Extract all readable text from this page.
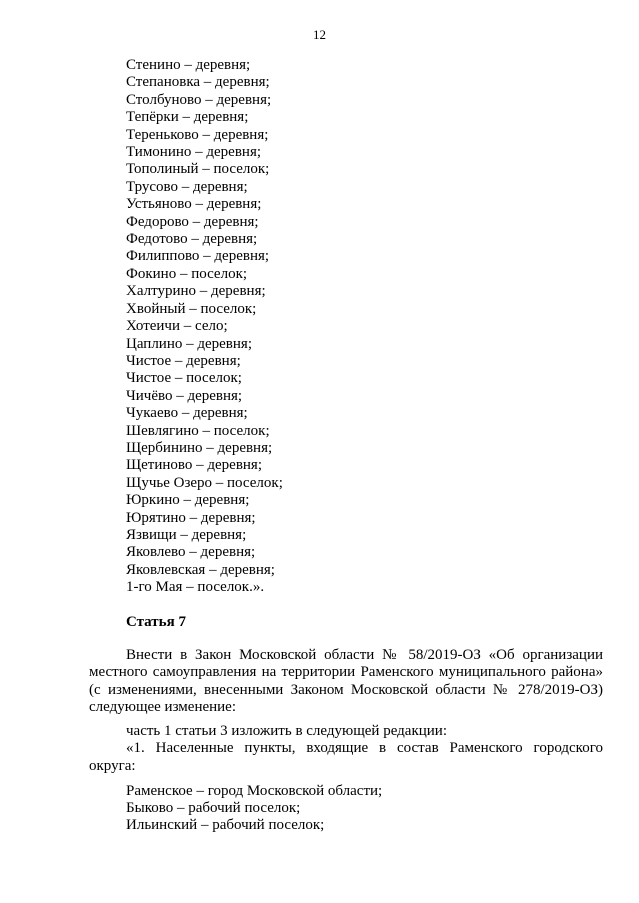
12
Стенино – деревня;
Степановка – деревня;
Столбуново – деревня;
Тепёрки – деревня;
Тереньково – деревня;
Тимонино – деревня;
Тополиный – поселок;
Трусово – деревня;
Устьяново – деревня;
Федорово – деревня;
Федотово – деревня;
Филиппово – деревня;
Фокино – поселок;
Халтурино – деревня;
Хвойный – поселок;
Хотеичи – село;
Цаплино – деревня;
Чистое – деревня;
Чистое – поселок;
Чичёво – деревня;
Чукаево – деревня;
Шевлягино – поселок;
Щербинино – деревня;
Щетиново – деревня;
Щучье Озеро – поселок;
Юркино – деревня;
Юрятино – деревня;
Язвищи – деревня;
Яковлево – деревня;
Яковлевская – деревня;
1-го Мая – поселок.».
Статья 7
Внести в Закон Московской области № 58/2019-ОЗ «Об организации местного самоуправления на территории Раменского муниципального района» (с изменениями, внесенными Законом Московской области № 278/2019-ОЗ) следующее изменение:
часть 1 статьи 3 изложить в следующей редакции:
«1. Населенные пункты, входящие в состав Раменского городского округа:
Раменское – город Московской области;
Быково – рабочий поселок;
Ильинский – рабочий поселок;
